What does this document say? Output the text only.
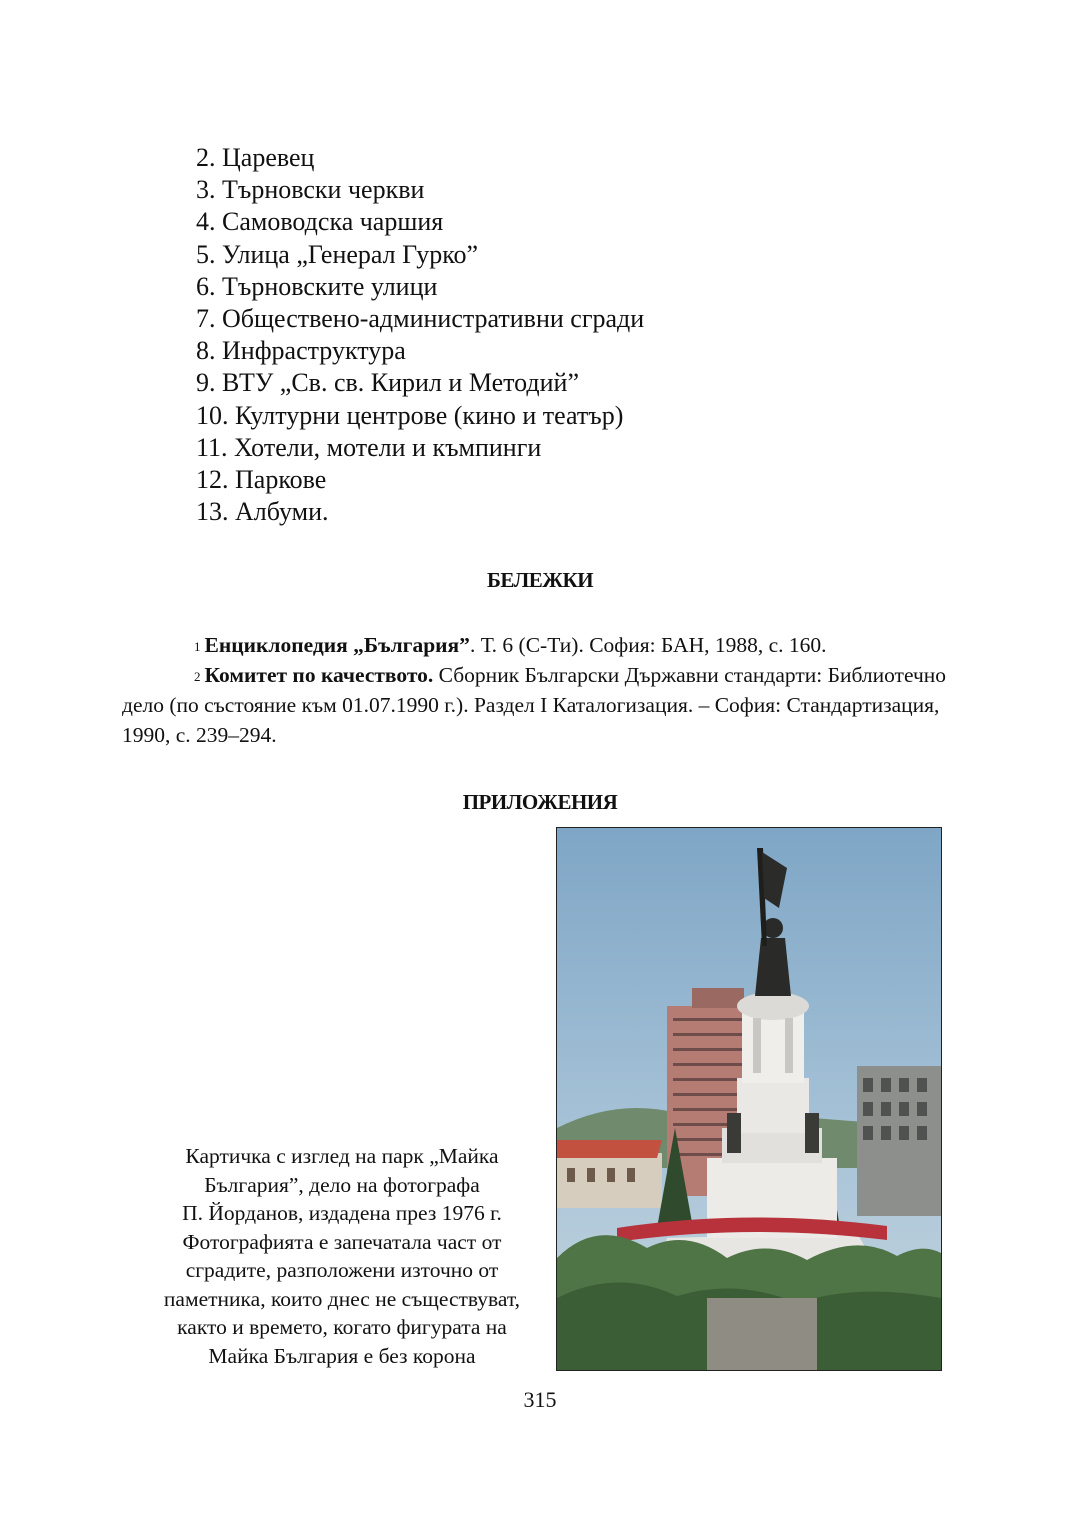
2. Царевец
3. Търновски черкви
4. Самоводска чаршия
5. Улица „Генерал Гурко”
6. Търновските улици
7. Обществено-административни сгради
8. Инфраструктура
9. ВТУ „Св. св. Кирил и Методий”
10. Културни центрове (кино и театър)
11. Хотели, мотели и къмпинги
12. Паркове
13. Албуми.
БЕЛЕЖКИ

$^1$ Енциклопедия „България”. Т. 6 (С-Ти). София: БАН, 1988, с. 160.

$^2$ Комитет по качеството. Сборник Български Държавни стандарти: Библиотечно дело (по състояние към 01.07.1990 г.). Раздел I Каталогизация. – София: Стандартизация, 1990, с. 239–294.

ПРИЛОЖЕНИЯ
Картичка с изглед на парк „Майка
България”, дело на фотографа
П. Йорданов, издадена през 1976 г.
Фотографията е запечатала част от
сградите, разположени източно от
паметника, които днес не съществуват,
както и времето, когато фигурата на
Майка България е без корона
315
